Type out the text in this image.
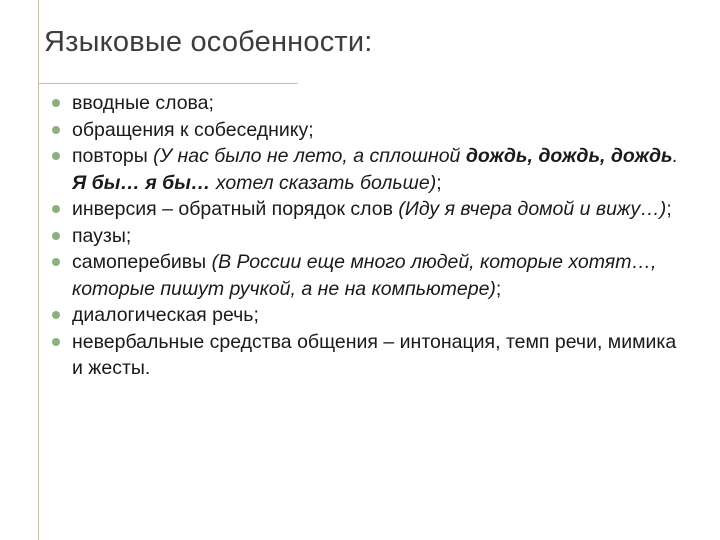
Языковые особенности:
вводные слова;
обращения к собеседнику;
повторы (У нас было не лето, а сплошной дождь, дождь, дождь. Я бы… я бы… хотел сказать больше);
инверсия – обратный порядок слов (Иду я вчера домой и вижу…);
паузы;
самоперебивы (В России еще много людей, которые хотят…, которые пишут ручкой, а не на компьютере);
диалогическая речь;
невербальные средства общения – интонация, темп речи, мимика и жесты.
